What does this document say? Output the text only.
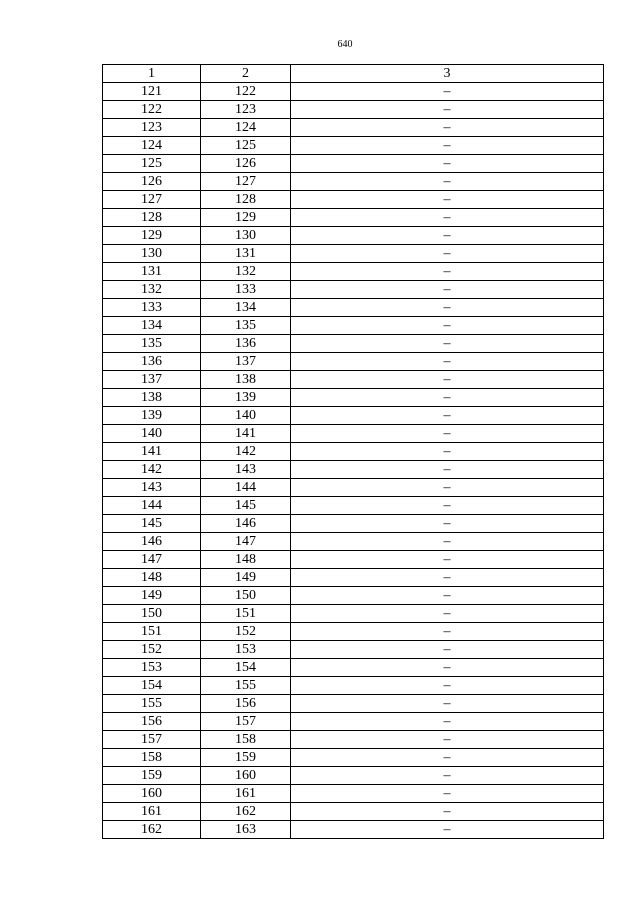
640
1	2	3
121	122	–
122	123	–
123	124	–
124	125	–
125	126	–
126	127	–
127	128	–
128	129	–
129	130	–
130	131	–
131	132	–
132	133	–
133	134	–
134	135	–
135	136	–
136	137	–
137	138	–
138	139	–
139	140	–
140	141	–
141	142	–
142	143	–
143	144	–
144	145	–
145	146	–
146	147	–
147	148	–
148	149	–
149	150	–
150	151	–
151	152	–
152	153	–
153	154	–
154	155	–
155	156	–
156	157	–
157	158	–
158	159	–
159	160	–
160	161	–
161	162	–
162	163	–
